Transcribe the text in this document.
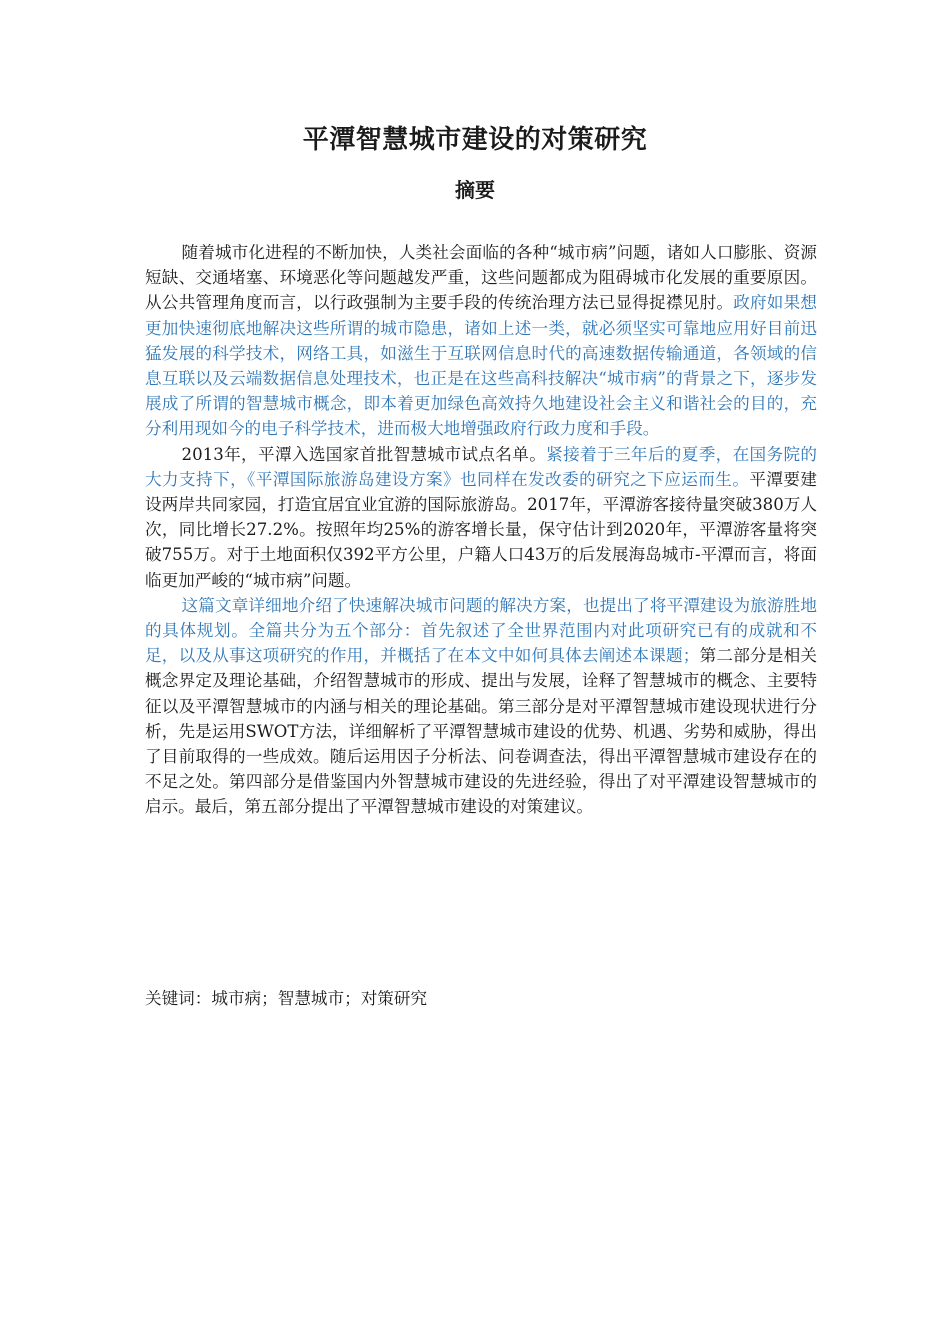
平潭智慧城市建设的对策研究
摘要

随着城市化进程的不断加快，人类社会面临的各种“城市病”问题，诸如人口膨胀、资源短缺、交通堵塞、环境恶化等问题越发严重，这些问题都成为阻碍城市化发展的重要原因。从公共管理角度而言，以行政强制为主要手段的传统治理方法已显得捉襟见肘。政府如果想更加快速彻底地解决这些所谓的城市隐患，诸如上述一类，就必须坚实可靠地应用好目前迅猛发展的科学技术，网络工具，如滋生于互联网信息时代的高速数据传输通道，各领域的信息互联以及云端数据信息处理技术，也正是在这些高科技解决“城市病”的背景之下，逐步发展成了所谓的智慧城市概念，即本着更加绿色高效持久地建设社会主义和谐社会的目的，充分利用现如今的电子科学技术，进而极大地增强政府行政力度和手段。

2013年，平潭入选国家首批智慧城市试点名单。紧接着于三年后的夏季，在国务院的大力支持下，《平潭国际旅游岛建设方案》也同样在发改委的研究之下应运而生。平潭要建设两岸共同家园，打造宜居宜业宜游的国际旅游岛。2017年，平潭游客接待量突破380万人次，同比增长27.2%。按照年均25%的游客增长量，保守估计到2020年，平潭游客量将突破755万。对于土地面积仅392平方公里，户籍人口43万的后发展海岛城市-平潭而言，将面临更加严峻的“城市病”问题。

这篇文章详细地介绍了快速解决城市问题的解决方案，也提出了将平潭建设为旅游胜地的具体规划。全篇共分为五个部分：首先叙述了全世界范围内对此项研究已有的成就和不足，以及从事这项研究的作用，并概括了在本文中如何具体去阐述本课题；第二部分是相关概念界定及理论基础，介绍智慧城市的形成、提出与发展，诠释了智慧城市的概念、主要特征以及平潭智慧城市的内涵与相关的理论基础。第三部分是对平潭智慧城市建设现状进行分析，先是运用SWOT方法，详细解析了平潭智慧城市建设的优势、机遇、劣势和威胁，得出了目前取得的一些成效。随后运用因子分析法、问卷调查法，得出平潭智慧城市建设存在的不足之处。第四部分是借鉴国内外智慧城市建设的先进经验，得出了对平潭建设智慧城市的启示。最后，第五部分提出了平潭智慧城市建设的对策建议。

关键词：城市病；智慧城市；对策研究
